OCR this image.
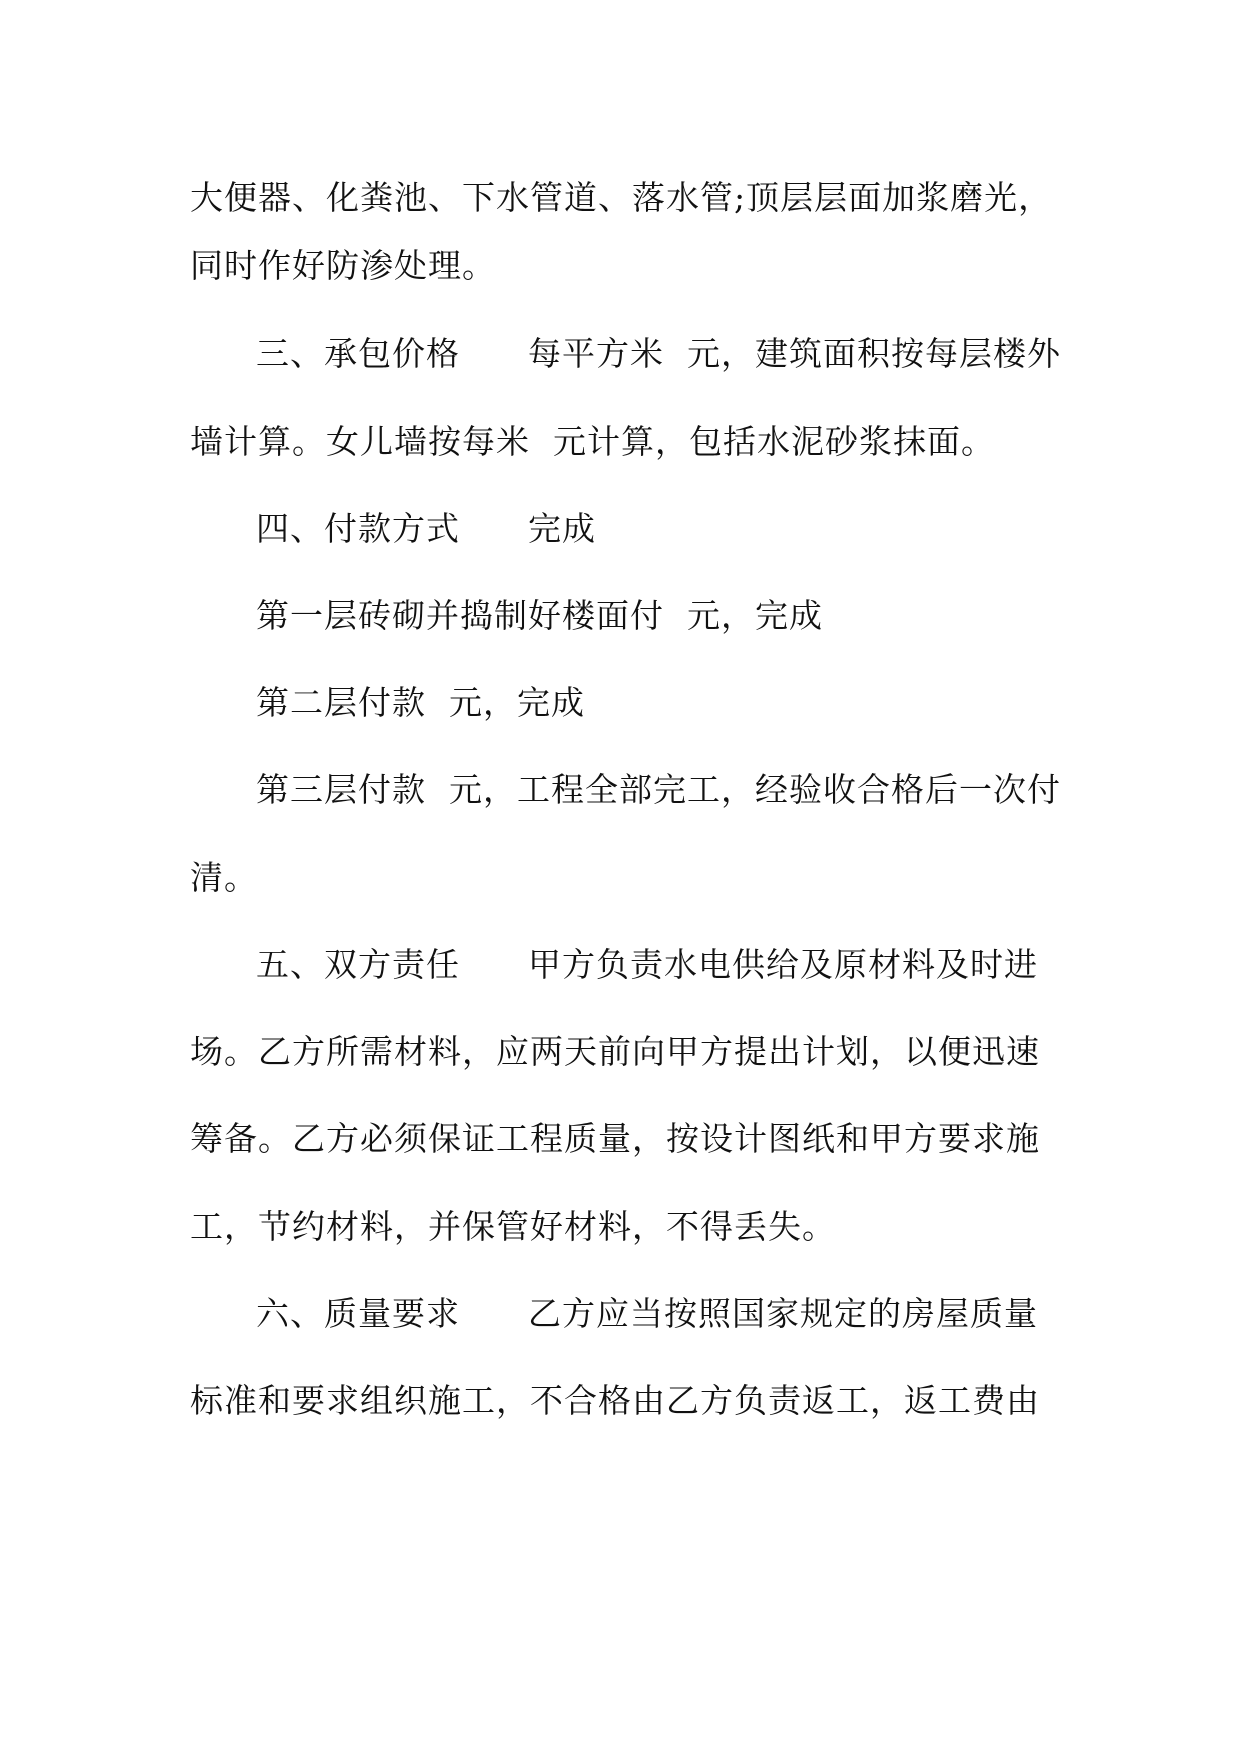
大便器、化粪池、下水管道、落水管;顶层层面加浆磨光，
同时作好防渗处理。
三、承包价格　　每平方米  元，建筑面积按每层楼外
墙计算。女儿墙按每米  元计算，包括水泥砂浆抹面。
四、付款方式　　完成
第一层砖砌并捣制好楼面付  元，完成
第二层付款  元，完成
第三层付款  元，工程全部完工，经验收合格后一次付
清。
五、双方责任　　甲方负责水电供给及原材料及时进
场。乙方所需材料，应两天前向甲方提出计划，以便迅速
筹备。乙方必须保证工程质量，按设计图纸和甲方要求施
工，节约材料，并保管好材料，不得丢失。
六、质量要求　　乙方应当按照国家规定的房屋质量
标准和要求组织施工，不合格由乙方负责返工，返工费由
